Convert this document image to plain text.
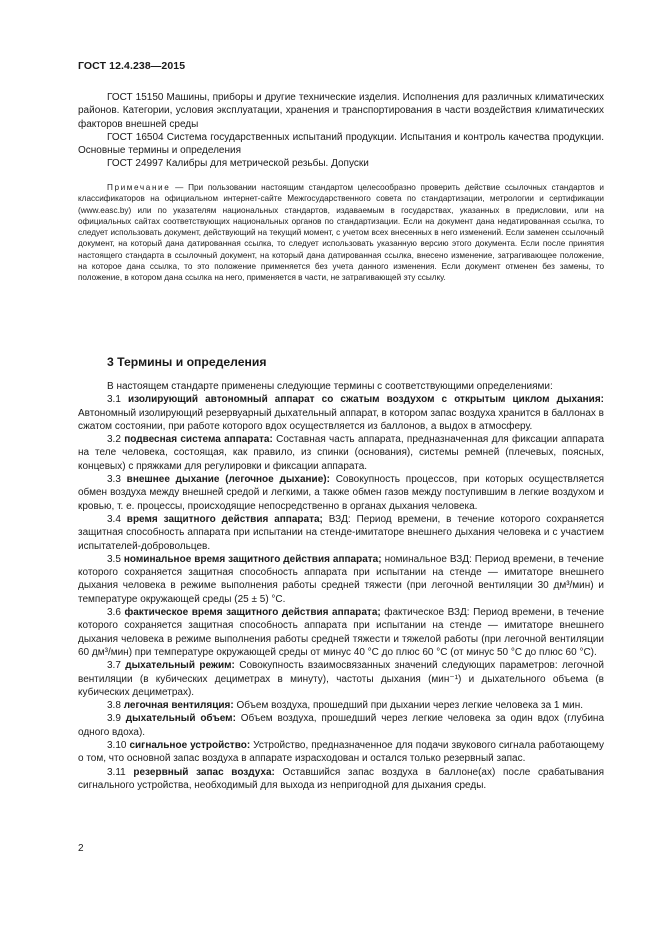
ГОСТ 12.4.238—2015

ГОСТ 15150 Машины, приборы и другие технические изделия. Исполнения для различных климатических районов. Категории, условия эксплуатации, хранения и транспортирования в части воздействия климатических факторов внешней среды

ГОСТ 16504 Система государственных испытаний продукции. Испытания и контроль качества продукции. Основные термины и определения

ГОСТ 24997 Калибры для метрической резьбы. Допуски

Примечание — При пользовании настоящим стандартом целесообразно проверить действие ссылочных стандартов и классификаторов на официальном интернет-сайте Межгосударственного совета по стандартизации, метрологии и сертификации (www.easc.by) или по указателям национальных стандартов, издаваемым в государствах, указанных в предисловии, или на официальных сайтах соответствующих национальных органов по стандартизации. Если на документ дана недатированная ссылка, то следует использовать документ, действующий на текущий момент, с учетом всех внесенных в него изменений. Если заменен ссылочный документ, на который дана датированная ссылка, то следует использовать указанную версию этого документа. Если после принятия настоящего стандарта в ссылочный документ, на который дана датированная ссылка, внесено изменение, затрагивающее положение, на которое дана ссылка, то это положение применяется без учета данного изменения. Если документ отменен без замены, то положение, в котором дана ссылка на него, применяется в части, не затрагивающей эту ссылку.

3 Термины и определения

В настоящем стандарте применены следующие термины с соответствующими определениями:

3.1 изолирующий автономный аппарат со сжатым воздухом с открытым циклом дыхания: Автономный изолирующий резервуарный дыхательный аппарат, в котором запас воздуха хранится в баллонах в сжатом состоянии, при работе которого вдох осуществляется из баллонов, а выдох в атмосферу.

3.2 подвесная система аппарата: Составная часть аппарата, предназначенная для фиксации аппарата на теле человека, состоящая, как правило, из спинки (основания), системы ремней (плечевых, поясных, концевых) с пряжками для регулировки и фиксации аппарата.

3.3 внешнее дыхание (легочное дыхание): Совокупность процессов, при которых осуществляется обмен воздуха между внешней средой и легкими, а также обмен газов между поступившим в легкие воздухом и кровью, т. е. процессы, происходящие непосредственно в органах дыхания человека.

3.4 время защитного действия аппарата; ВЗД: Период времени, в течение которого сохраняется защитная способность аппарата при испытании на стенде-имитаторе внешнего дыхания человека и с участием испытателей-добровольцев.

3.5 номинальное время защитного действия аппарата; номинальное ВЗД: Период времени, в течение которого сохраняется защитная способность аппарата при испытании на стенде — имитаторе внешнего дыхания человека в режиме выполнения работы средней тяжести (при легочной вентиляции 30 дм³/мин) и температуре окружающей среды (25 ± 5) °С.

3.6 фактическое время защитного действия аппарата; фактическое ВЗД: Период времени, в течение которого сохраняется защитная способность аппарата при испытании на стенде — имитаторе внешнего дыхания человека в режиме выполнения работы средней тяжести и тяжелой работы (при легочной вентиляции 60 дм³/мин) при температуре окружающей среды от минус 40 °С до плюс 60 °С (от минус 50 °С до плюс 60 °С).

3.7 дыхательный режим: Совокупность взаимосвязанных значений следующих параметров: легочной вентиляции (в кубических дециметрах в минуту), частоты дыхания (мин⁻¹) и дыхательного объема (в кубических дециметрах).

3.8 легочная вентиляция: Объем воздуха, прошедший при дыхании через легкие человека за 1 мин.

3.9 дыхательный объем: Объем воздуха, прошедший через легкие человека за один вдох (глубина одного вдоха).

3.10 сигнальное устройство: Устройство, предназначенное для подачи звукового сигнала работающему о том, что основной запас воздуха в аппарате израсходован и остался только резервный запас.

3.11 резервный запас воздуха: Оставшийся запас воздуха в баллоне(ах) после срабатывания сигнального устройства, необходимый для выхода из непригодной для дыхания среды.

2
